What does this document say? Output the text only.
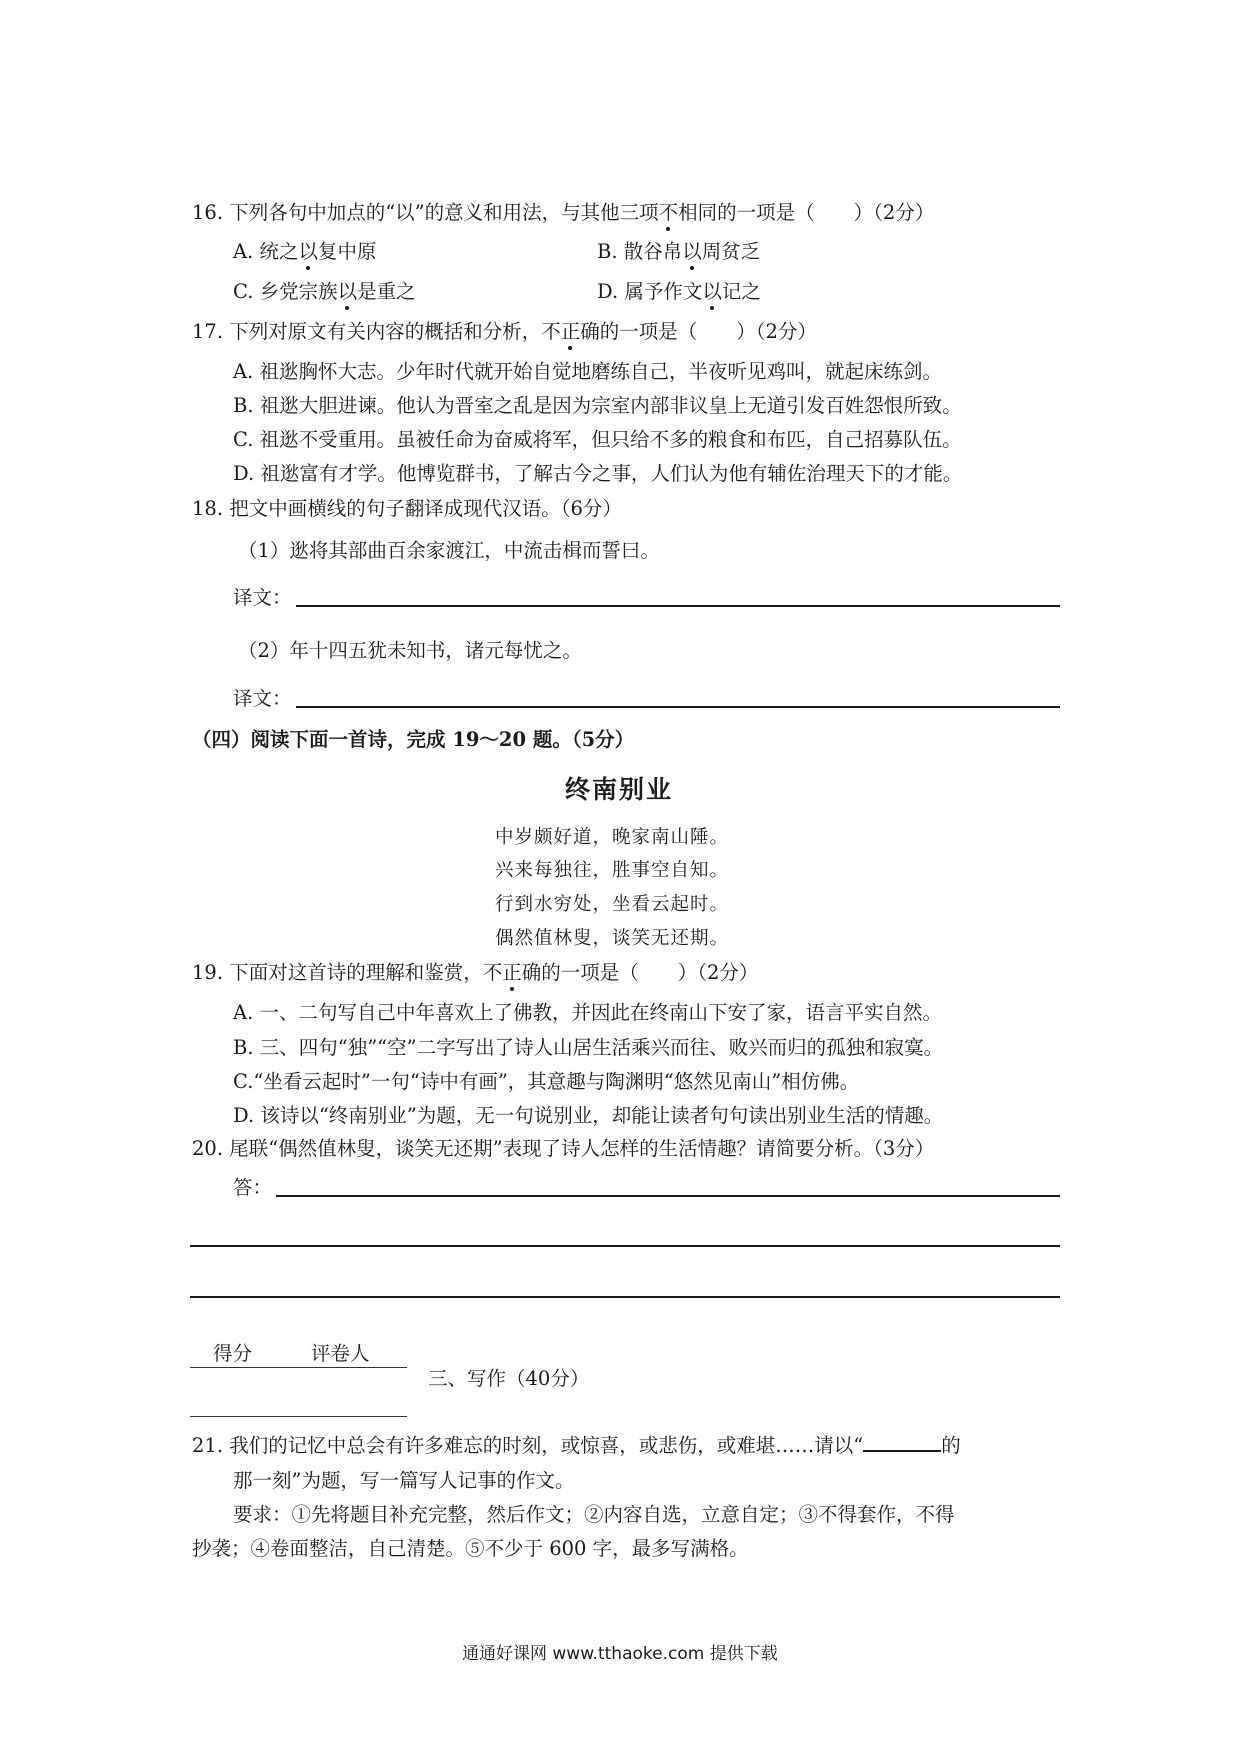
16. 下列各句中加点的“以”的意义和用法，与其他三项不相同的一项是（　　）（2分）
A. 统之以复中原	B. 散谷帛以周贫乏
C. 乡党宗族以是重之	D. 属予作文以记之
17. 下列对原文有关内容的概括和分析，不正确的一项是（　　）（2分）
A. 祖逖胸怀大志。少年时代就开始自觉地磨练自己，半夜听见鸡叫，就起床练剑。
B. 祖逖大胆进谏。他认为晋室之乱是因为宗室内部非议皇上无道引发百姓怨恨所致。
C. 祖逖不受重用。虽被任命为奋威将军，但只给不多的粮食和布匹，自己招募队伍。
D. 祖逖富有才学。他博览群书，了解古今之事，人们认为他有辅佐治理天下的才能。
18. 把文中画横线的句子翻译成现代汉语。（6分）
（1）逖将其部曲百余家渡江，中流击楫而誓曰。
译文：
（2）年十四五犹未知书，诸元每忧之。
译文：
（四）阅读下面一首诗，完成 19～20 题。（5分）
终南别业
中岁颇好道，晚家南山陲。
兴来每独往，胜事空自知。
行到水穷处，坐看云起时。
偶然值林叟，谈笑无还期。
19. 下面对这首诗的理解和鉴赏，不正确的一项是（　　）（2分）
A. 一、二句写自己中年喜欢上了佛教，并因此在终南山下安了家，语言平实自然。
B. 三、四句“独”“空”二字写出了诗人山居生活乘兴而往、败兴而归的孤独和寂寞。
C.“坐看云起时”一句“诗中有画”，其意趣与陶渊明“悠然见南山”相仿佛。
D. 该诗以“终南别业”为题，无一句说别业，却能让读者句句读出别业生活的情趣。
20. 尾联“偶然值林叟，谈笑无还期”表现了诗人怎样的生活情趣？请简要分析。（3分）
答：
得分	评卷人
三、写作（40分）
21. 我们的记忆中总会有许多难忘的时刻，或惊喜，或悲伤，或难堪……请以“	的
那一刻”为题，写一篇写人记事的作文。
要求：①先将题目补充完整，然后作文；②内容自选，立意自定；③不得套作，不得
抄袭；④卷面整洁，自己清楚。⑤不少于 600 字，最多写满格。
通通好课网 www.tthaoke.com 提供下载
